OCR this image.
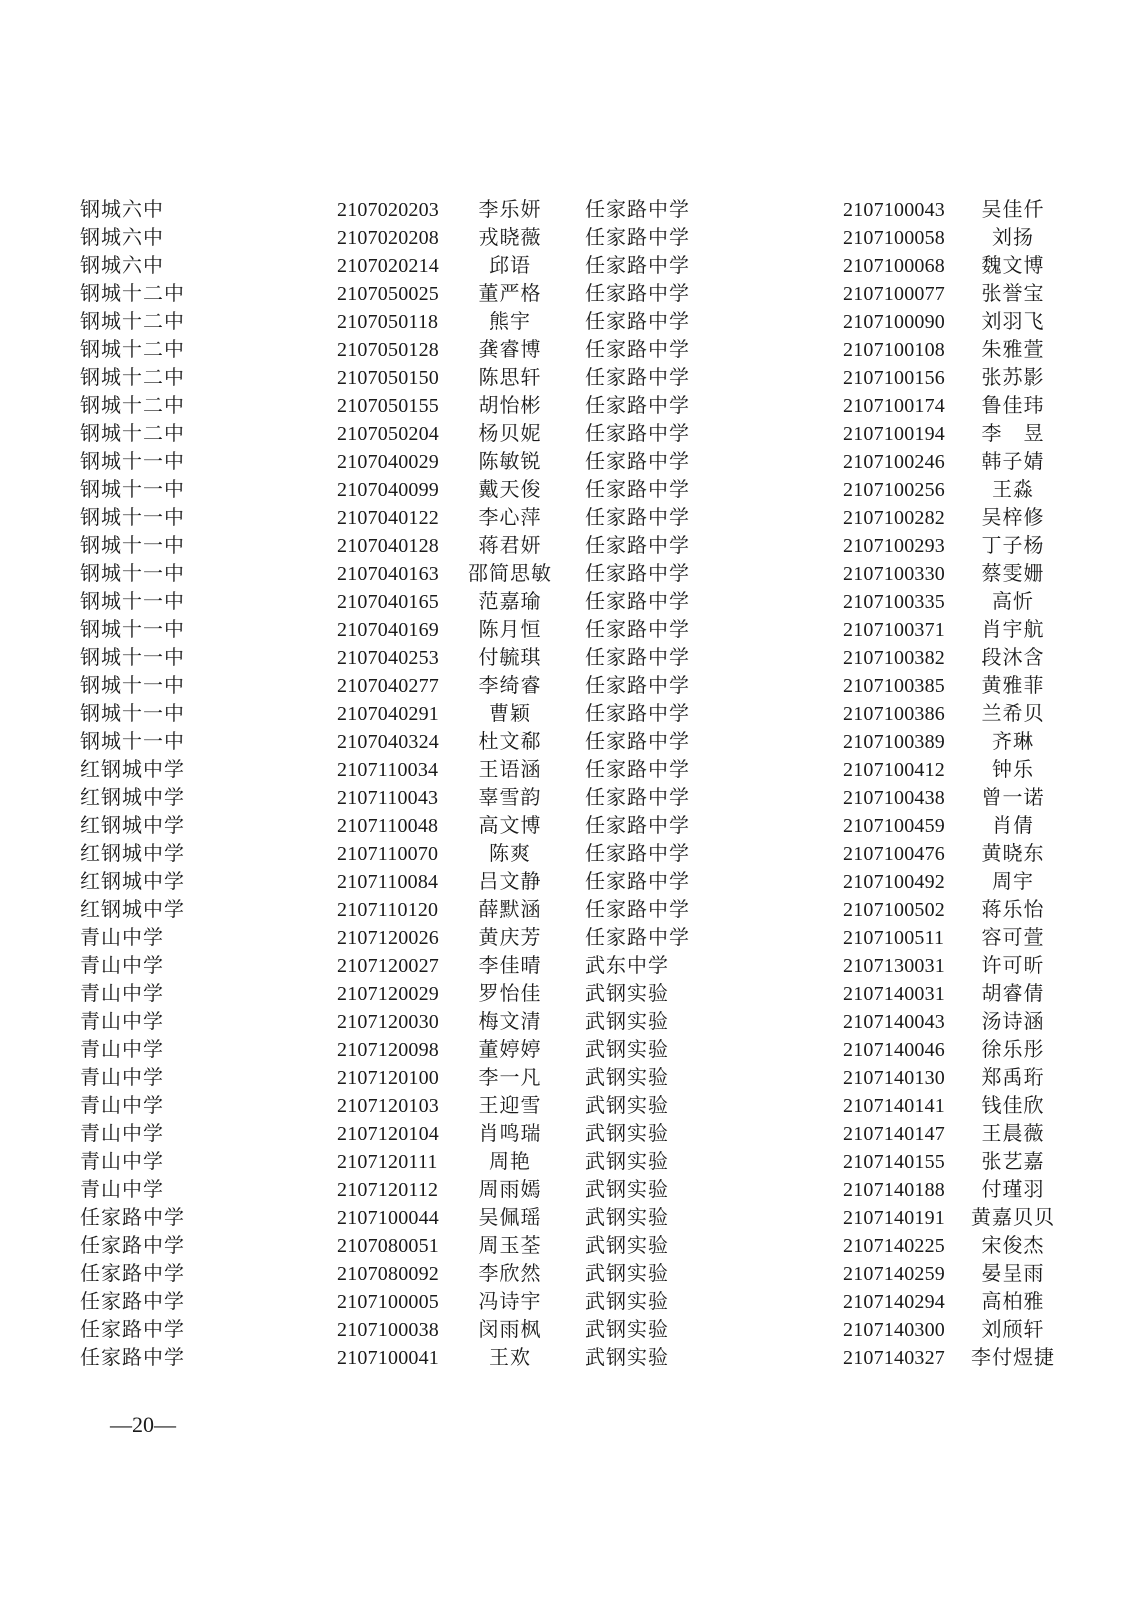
钢城六中	2107020203	李乐妍	任家路中学	2107100043	吴佳仟
钢城六中	2107020208	戎晓薇	任家路中学	2107100058	刘扬
钢城六中	2107020214	邱语	任家路中学	2107100068	魏文博
钢城十二中	2107050025	董严格	任家路中学	2107100077	张誉宝
钢城十二中	2107050118	熊宇	任家路中学	2107100090	刘羽飞
钢城十二中	2107050128	龚睿博	任家路中学	2107100108	朱雅萱
钢城十二中	2107050150	陈思轩	任家路中学	2107100156	张苏影
钢城十二中	2107050155	胡怡彬	任家路中学	2107100174	鲁佳玮
钢城十二中	2107050204	杨贝妮	任家路中学	2107100194	李　昱
钢城十一中	2107040029	陈敏锐	任家路中学	2107100246	韩子婧
钢城十一中	2107040099	戴天俊	任家路中学	2107100256	王淼
钢城十一中	2107040122	李心萍	任家路中学	2107100282	吴梓修
钢城十一中	2107040128	蒋君妍	任家路中学	2107100293	丁子杨
钢城十一中	2107040163	邵简思敏	任家路中学	2107100330	蔡雯姗
钢城十一中	2107040165	范嘉瑜	任家路中学	2107100335	高忻
钢城十一中	2107040169	陈月恒	任家路中学	2107100371	肖宇航
钢城十一中	2107040253	付毓琪	任家路中学	2107100382	段沐含
钢城十一中	2107040277	李绮睿	任家路中学	2107100385	黄雅菲
钢城十一中	2107040291	曹颖	任家路中学	2107100386	兰希贝
钢城十一中	2107040324	杜文郗	任家路中学	2107100389	齐琳
红钢城中学	2107110034	王语涵	任家路中学	2107100412	钟乐
红钢城中学	2107110043	辜雪韵	任家路中学	2107100438	曾一诺
红钢城中学	2107110048	高文博	任家路中学	2107100459	肖倩
红钢城中学	2107110070	陈爽	任家路中学	2107100476	黄晓东
红钢城中学	2107110084	吕文静	任家路中学	2107100492	周宇
红钢城中学	2107110120	薛默涵	任家路中学	2107100502	蒋乐怡
青山中学	2107120026	黄庆芳	任家路中学	2107100511	容可萱
青山中学	2107120027	李佳晴	武东中学	2107130031	许可昕
青山中学	2107120029	罗怡佳	武钢实验	2107140031	胡睿倩
青山中学	2107120030	梅文清	武钢实验	2107140043	汤诗涵
青山中学	2107120098	董婷婷	武钢实验	2107140046	徐乐彤
青山中学	2107120100	李一凡	武钢实验	2107140130	郑禹珩
青山中学	2107120103	王迎雪	武钢实验	2107140141	钱佳欣
青山中学	2107120104	肖鸣瑞	武钢实验	2107140147	王晨薇
青山中学	2107120111	周艳	武钢实验	2107140155	张艺嘉
青山中学	2107120112	周雨嫣	武钢实验	2107140188	付瑾羽
任家路中学	2107100044	吴佩瑶	武钢实验	2107140191	黄嘉贝贝
任家路中学	2107080051	周玉荃	武钢实验	2107140225	宋俊杰
任家路中学	2107080092	李欣然	武钢实验	2107140259	晏呈雨
任家路中学	2107100005	冯诗宇	武钢实验	2107140294	高柏雅
任家路中学	2107100038	闵雨枫	武钢实验	2107140300	刘颀轩
任家路中学	2107100041	王欢	武钢实验	2107140327	李付煜捷
—20—
